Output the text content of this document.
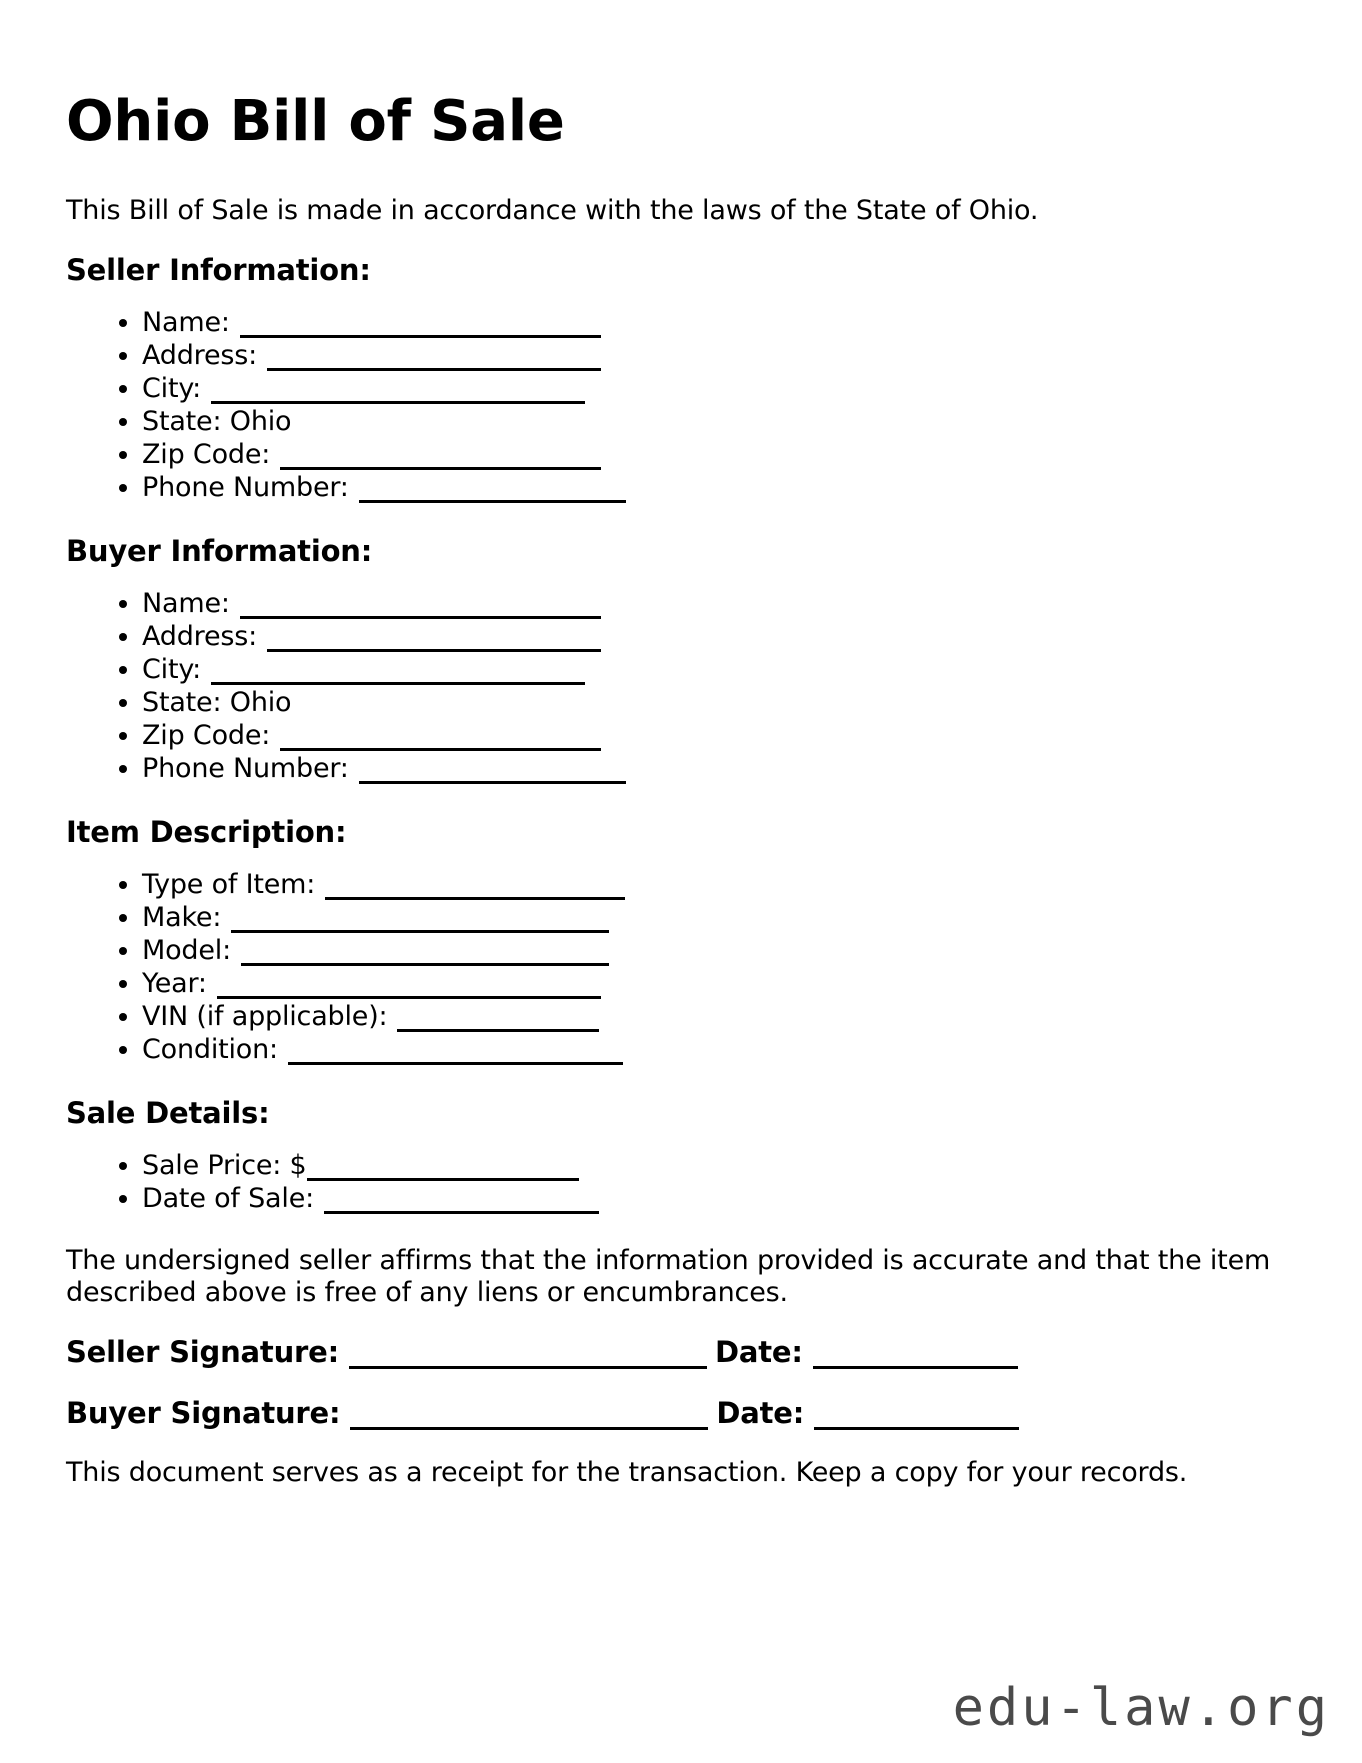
Ohio Bill of Sale

This Bill of Sale is made in accordance with the laws of the State of Ohio.

Seller Information:
• Name:
• Address:
• City:
• State: Ohio
• Zip Code:
• Phone Number:
Buyer Information:
• Name:
• Address:
• City:
• State: Ohio
• Zip Code:
• Phone Number:
Item Description:
• Type of Item:
• Make:
• Model:
• Year:
• VIN (if applicable):
• Condition:
Sale Details:
• Sale Price: $
• Date of Sale:

The undersigned seller affirms that the information provided is accurate and that the item described above is free of any liens or encumbrances.

Seller Signature:	Date:
Buyer Signature:	Date:

This document serves as a receipt for the transaction. Keep a copy for your records.

edu-law.org
